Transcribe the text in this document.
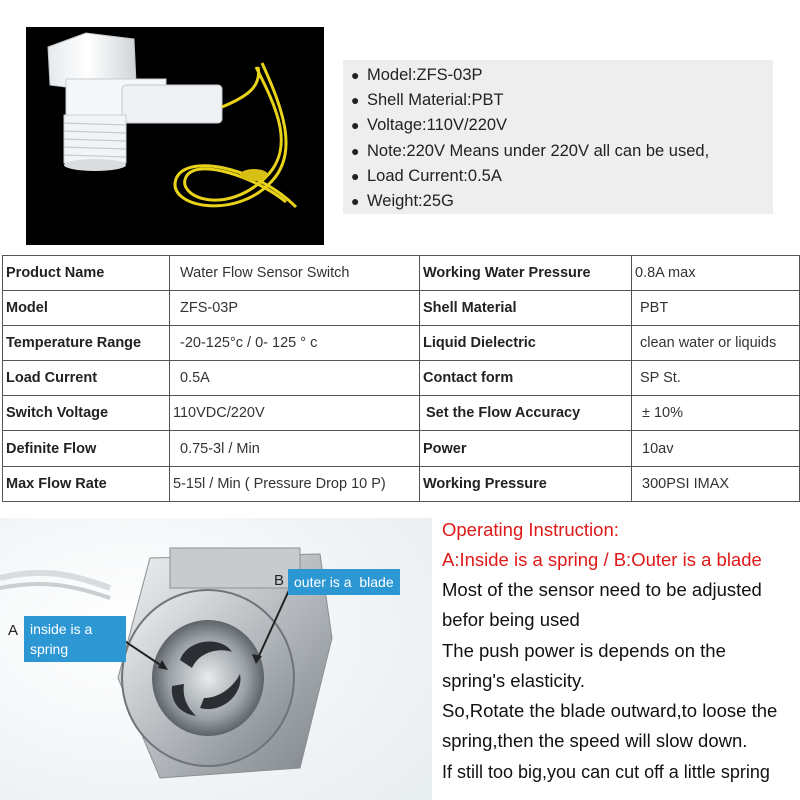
● Model:ZFS-03P
● Shell Material:PBT
● Voltage:110V/220V
● Note:220V Means under 220V all can be used,
● Load Current:0.5A
● Weight:25G
Product Name	Water Flow Sensor Switch	Working Water Pressure	0.8A max
Model	ZFS-03P	Shell Material	PBT
Temperature Range	-20-125°c / 0- 125 ° c	Liquid Dielectric	clean water or liquids
Load Current	0.5A	Contact form	SP St.
Switch Voltage	110VDC/220V	Set the Flow Accuracy	± 10%
Definite Flow	0.75-3l / Min	Power	10av
Max Flow Rate	5-15l / Min ( Pressure Drop 10 P)	Working Pressure	300PSI IMAX
A inside is a
spring
B outer is a  blade
Operating Instruction:
A:Inside is a spring / B:Outer is a blade
Most of the sensor need to be adjusted
befor being used
The push power is depends on the
spring's elasticity.
So,Rotate the blade outward,to loose the
spring,then the speed will slow down.
If still too big,you can cut off a little spring
